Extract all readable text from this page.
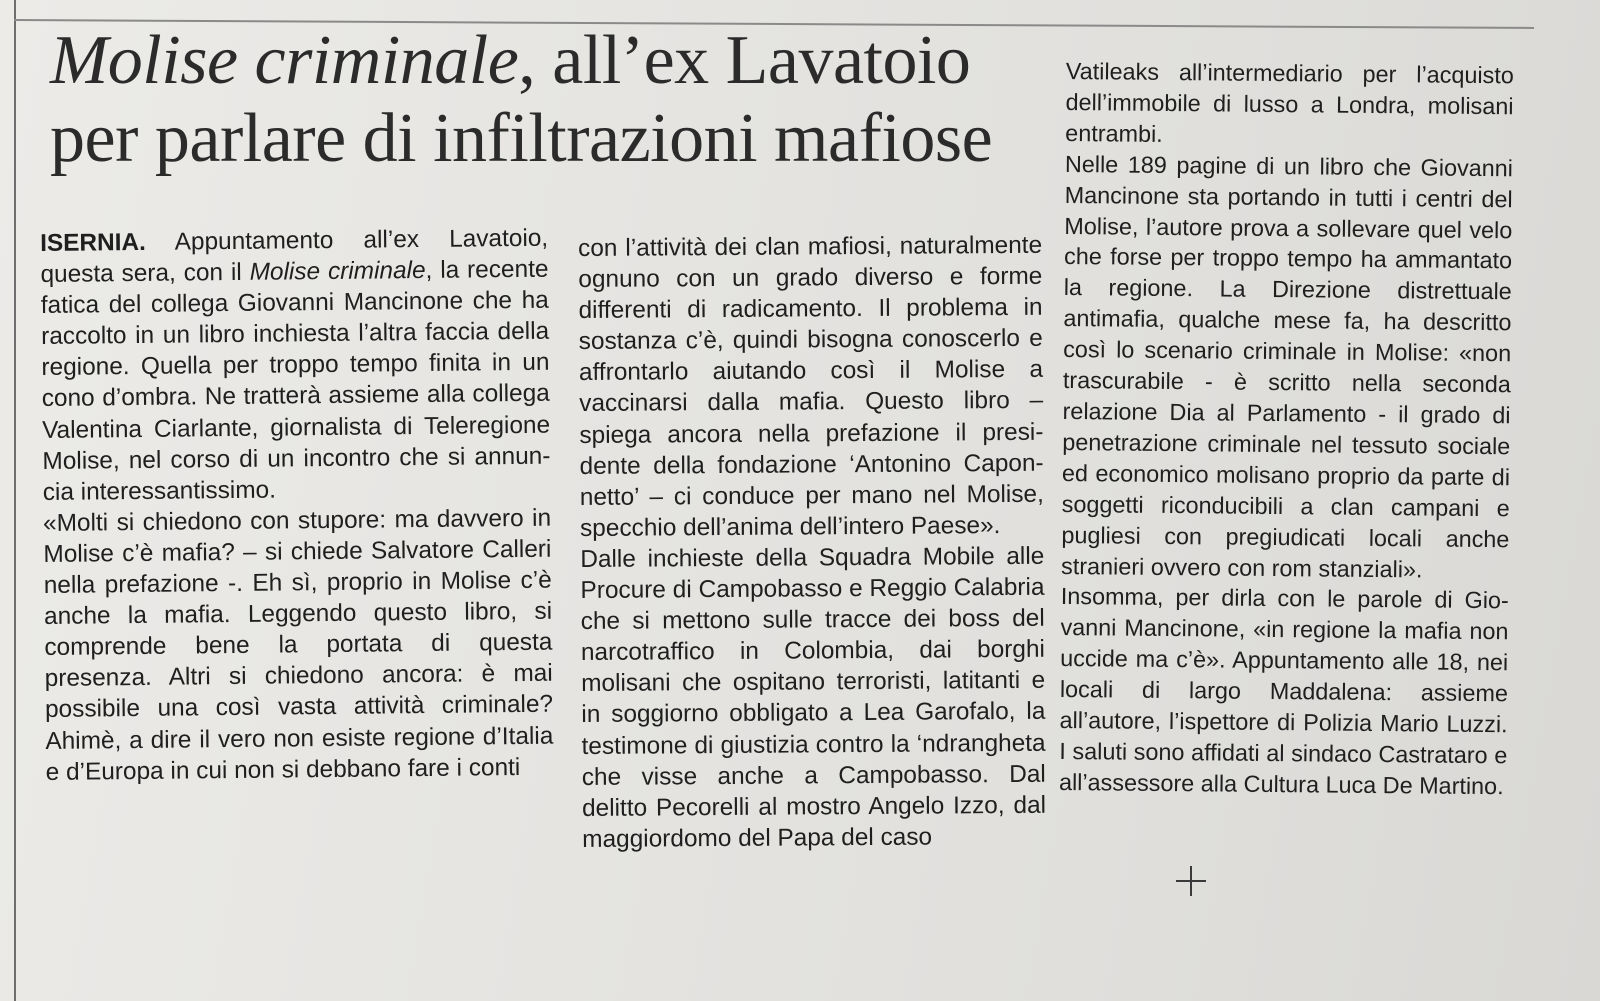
Molise criminale, all’ex Lavatoio
per parlare di infiltrazioni mafiose

ISERNIA. Appuntamento all’ex Lavatoio, questa sera, con il Molise criminale, la recente fatica del collega Giovanni Mancinone che ha raccolto in un libro inchiesta l’altra faccia della regione. Quella per troppo tempo finita in un cono d’ombra. Ne tratterà assieme alla collega Valentina Ciarlante, giornalista di Teleregione Molise, nel corso di un incontro che si annuncia interessantissimo.

«Molti si chiedono con stupore: ma davvero in Molise c’è mafia? – si chiede Salvatore Calleri nella prefazione -. Eh sì, proprio in Molise c’è anche la mafia. Leggendo questo libro, si comprende bene la portata di questa presenza. Altri si chiedono ancora: è mai possibile una così vasta attività criminale? Ahimè, a dire il vero non esiste regione d’Italia e d’Europa in cui non si debbano fare i conti

con l’attività dei clan mafiosi, naturalmente ognuno con un grado diverso e forme differenti di radicamento. Il problema in sostanza c’è, quindi bisogna conoscerlo e affrontarlo aiutando così il Molise a vaccinarsi dalla mafia. Questo libro – spiega ancora nella prefazione il presidente della fondazione ‘Antonino Caponnetto’ – ci conduce per mano nel Molise, specchio dell’anima dell’intero Paese».

Dalle inchieste della Squadra Mobile alle Procure di Campobasso e Reggio Calabria che si mettono sulle tracce dei boss del narcotraffico in Colombia, dai borghi molisani che ospitano terroristi, latitanti e in soggiorno obbligato a Lea Garofalo, la testimone di giustizia contro la ‘ndrangheta che visse anche a Campobasso. Dal delitto Pecorelli al mostro Angelo Izzo, dal maggiordomo del Papa del caso

Vatileaks all’intermediario per l’acquisto dell’immobile di lusso a Londra, molisani entrambi.

Nelle 189 pagine di un libro che Giovanni Mancinone sta portando in tutti i centri del Molise, l’autore prova a sollevare quel velo che forse per troppo tempo ha ammantato la regione. La Direzione distrettuale antimafia, qualche mese fa, ha descritto così lo scenario criminale in Molise: «non trascurabile - è scritto nella seconda relazione Dia al Parlamento - il grado di penetrazione criminale nel tessuto sociale ed economico molisano proprio da parte di soggetti riconducibili a clan campani e pugliesi con pregiudicati locali anche stranieri ovvero con rom stanziali».

Insomma, per dirla con le parole di Giovanni Mancinone, «in regione la mafia non uccide ma c’è». Appuntamento alle 18, nei locali di largo Maddalena: assieme all’autore, l’ispettore di Polizia Mario Luzzi. I saluti sono affidati al sindaco Castrataro e all’assessore alla Cultura Luca De Martino.
